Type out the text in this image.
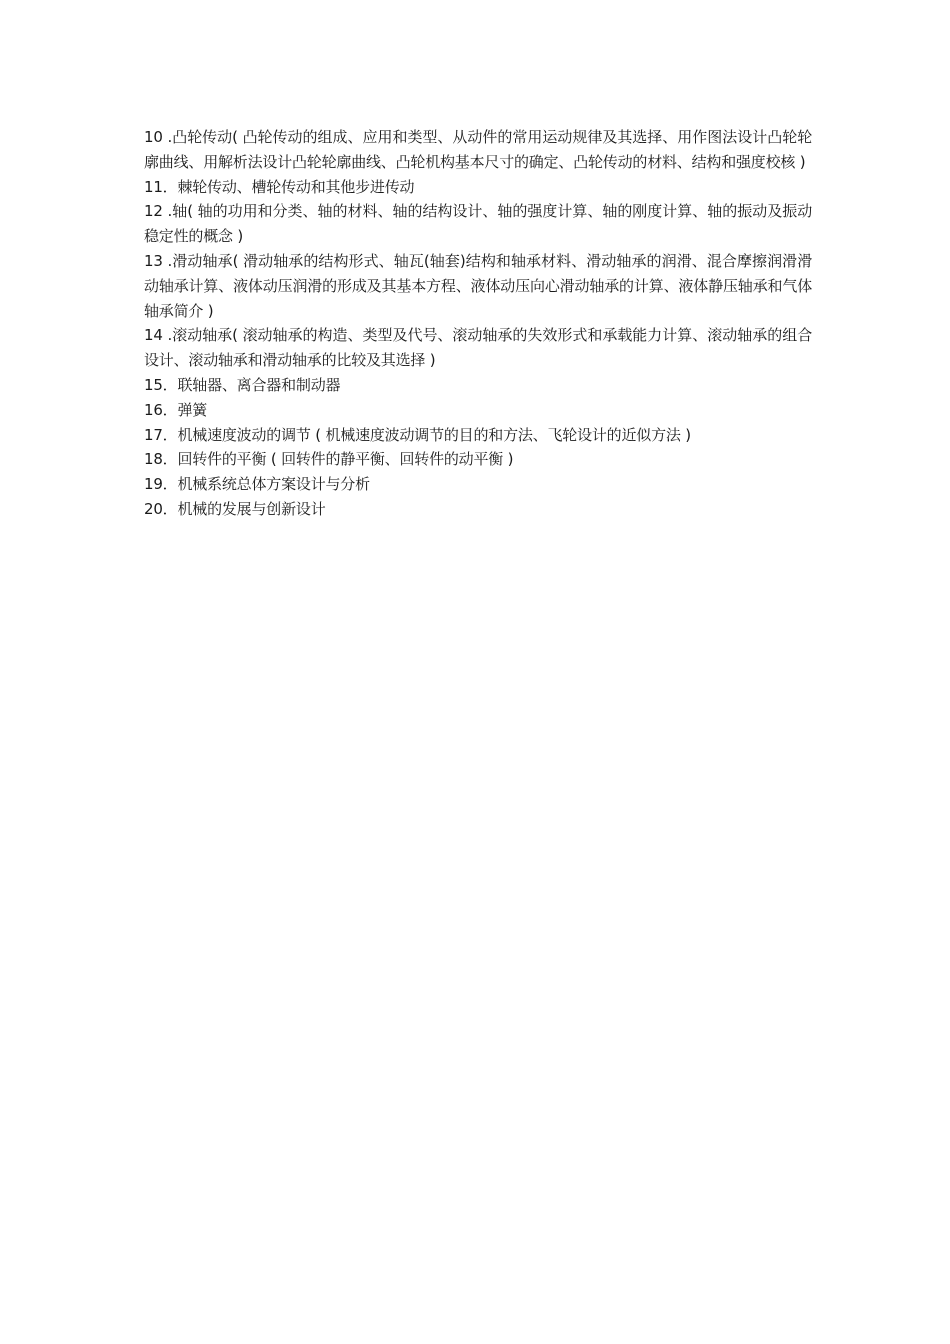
10 .凸轮传动( 凸轮传动的组成、应用和类型、从动件的常用运动规律及其选择、用作图法设计凸轮轮廓曲线、用解析法设计凸轮轮廓曲线、凸轮机构基本尺寸的确定、凸轮传动的材料、结构和强度校核 )

11．棘轮传动、槽轮传动和其他步进传动

12 .轴( 轴的功用和分类、轴的材料、轴的结构设计、轴的强度计算、轴的刚度计算、轴的振动及振动稳定性的概念 )

13 .滑动轴承( 滑动轴承的结构形式、轴瓦(轴套)结构和轴承材料、滑动轴承的润滑、混合摩擦润滑滑动轴承计算、液体动压润滑的形成及其基本方程、液体动压向心滑动轴承的计算、液体静压轴承和气体轴承简介 )

14 .滚动轴承( 滚动轴承的构造、类型及代号、滚动轴承的失效形式和承载能力计算、滚动轴承的组合设计、滚动轴承和滑动轴承的比较及其选择 )

15．联轴器、离合器和制动器

16．弹簧

17．机械速度波动的调节 ( 机械速度波动调节的目的和方法、飞轮设计的近似方法 )

18．回转件的平衡 ( 回转件的静平衡、回转件的动平衡 )

19．机械系统总体方案设计与分析

20．机械的发展与创新设计
